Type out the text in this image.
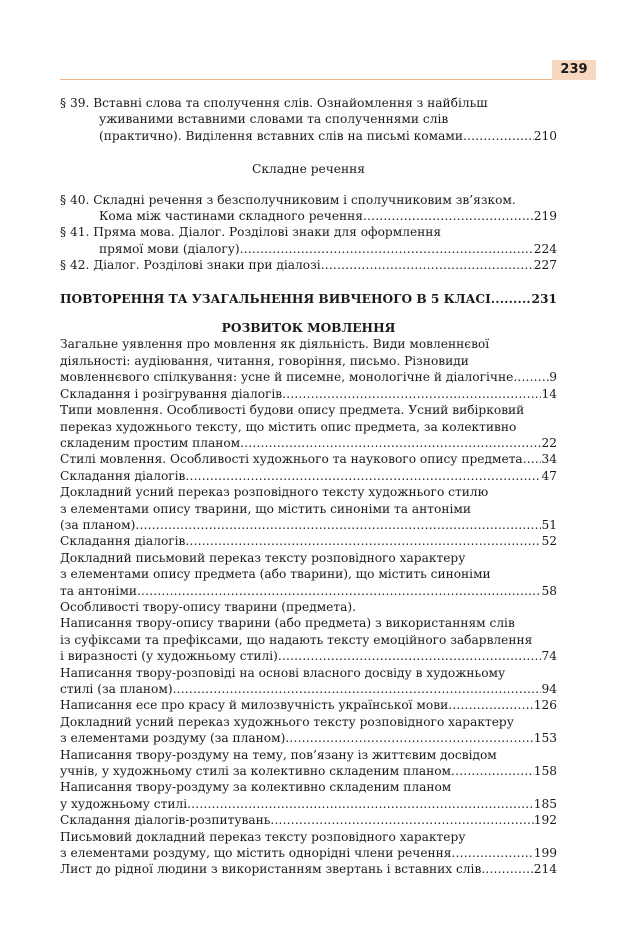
239
§ 39. Вставні слова та сполучення слів. Ознайомлення з найбільш
уживаними вставними словами та сполученнями слів
(практично). Виділення вставних слів на письмі комами .....	210
Складне речення
§ 40. Складні речення з безсполучниковим і сполучниковим зв’язком.
Кома між частинами складного речення .....	219
§ 41. Пряма мова. Діалог. Розділові знаки для оформлення
прямої мови (діалогу) .....	224
§ 42. Діалог. Розділові знаки при діалозі .....	227
ПОВТОРЕННЯ ТА УЗАГАЛЬНЕННЯ ВИВЧЕНОГО В 5 КЛАСІ .....	231
РОЗВИТОК МОВЛЕННЯ
Загальне уявлення про мовлення як діяльність. Види мовленнєвої
діяльності: аудіювання, читання, говоріння, письмо. Різновиди
мовленнєвого спілкування: усне й писемне, монологічне й діалогічне .....	9
Складання і розігрування діалогів .....	14
Типи мовлення. Особливості будови опису предмета. Усний вибірковий
переказ художнього тексту, що містить опис предмета, за колективно
складеним простим планом .....	22
Стилі мовлення. Особливості художнього та наукового опису предмета ..... 34
Складання діалогів .....	47
Докладний усний переказ розповідного тексту художнього стилю
з елементами опису тварини, що містить синоніми та антоніми
(за планом) .....	51
Складання діалогів .....	52
Докладний письмовий переказ тексту розповідного характеру
з елементами опису предмета (або тварини), що містить синоніми
та антоніми .....	58
Особливості твору-опису тварини (предмета).
Написання твору-опису тварини (або предмета) з використанням слів
із суфіксами та префіксами, що надають тексту емоційного забарвлення
і виразності (у художньому стилі) .....	74
Написання твору-розповіді на основі власного досвіду в художньому
стилі (за планом) .....	94
Написання есе про красу й милозвучність української мови .....	126
Докладний усний переказ художнього тексту розповідного характеру
з елементами роздуму (за планом) .....	153
Написання твору-роздуму на тему, пов’язану із життєвим досвідом
учнів, у художньому стилі за колективно складеним планом .....	158
Написання твору-роздуму за колективно складеним планом
у художньому стилі .....	185
Складання діалогів-розпитувань .....	192
Письмовий докладний переказ тексту розповідного характеру
з елементами роздуму, що містить однорідні члени речення .....	199
Лист до рідної людини з використанням звертань і вставних слів .....	214
